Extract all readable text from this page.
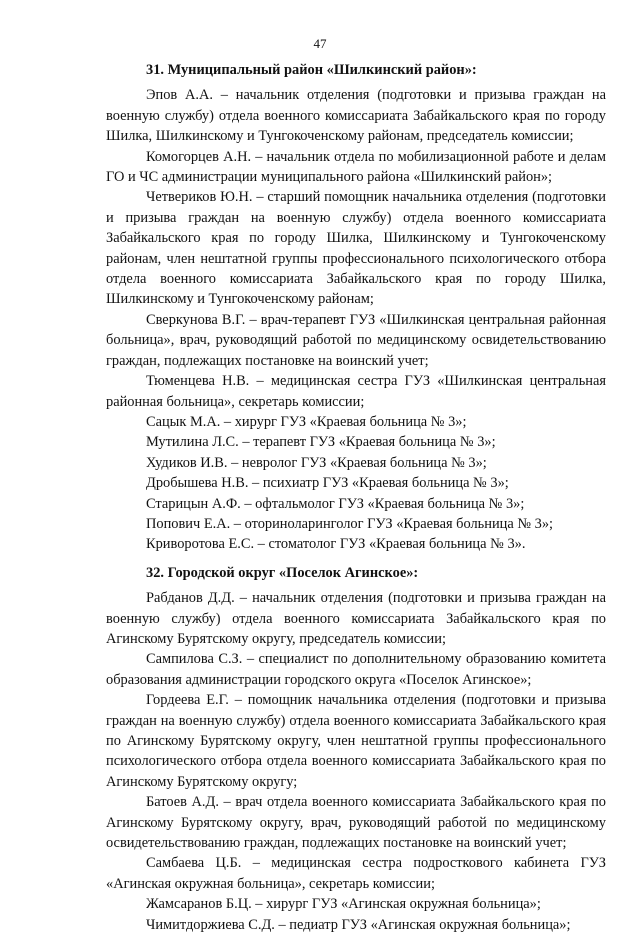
47

31. Муниципальный район «Шилкинский район»:

Эпов А.А. – начальник отделения (подготовки и призыва граждан на военную службу) отдела военного комиссариата Забайкальского края по городу Шилка, Шилкинскому и Тунгокоченскому районам, председатель комиссии;

Комогорцев А.Н. – начальник отдела по мобилизационной работе и делам ГО и ЧС администрации муниципального района «Шилкинский район»;

Четвериков Ю.Н. – старший помощник начальника отделения (подготовки и призыва граждан на военную службу) отдела военного комиссариата Забайкальского края по городу Шилка, Шилкинскому и Тунгокоченскому районам, член нештатной группы профессионального психологического отбора отдела военного комиссариата Забайкальского края по городу Шилка, Шилкинскому и Тунгокоченскому районам;

Сверкунова В.Г. – врач-терапевт ГУЗ «Шилкинская центральная районная больница», врач, руководящий работой по медицинскому освидетельствованию граждан, подлежащих постановке на воинский учет;

Тюменцева Н.В. – медицинская сестра ГУЗ «Шилкинская центральная районная больница», секретарь комиссии;

Сацык М.А. – хирург ГУЗ «Краевая больница № 3»;

Мутилина Л.С. – терапевт ГУЗ «Краевая больница № 3»;

Худиков И.В. – невролог ГУЗ «Краевая больница № 3»;

Дробышева Н.В. – психиатр ГУЗ «Краевая больница № 3»;

Старицын А.Ф. – офтальмолог ГУЗ «Краевая больница № 3»;

Попович Е.А. – оториноларинголог ГУЗ «Краевая больница № 3»;

Криворотова Е.С. – стоматолог ГУЗ «Краевая больница № 3».

32. Городской округ «Поселок Агинское»:

Рабданов Д.Д. – начальник отделения (подготовки и призыва граждан на военную службу) отдела военного комиссариата Забайкальского края по Агинскому Бурятскому округу, председатель комиссии;

Сампилова С.З. – специалист по дополнительному образованию комитета образования администрации городского округа «Поселок Агинское»;

Гордеева Е.Г. – помощник начальника отделения (подготовки и призыва граждан на военную службу) отдела военного комиссариата Забайкальского края по Агинскому Бурятскому округу, член нештатной группы профессионального психологического отбора отдела военного комиссариата Забайкальского края по Агинскому Бурятскому округу;

Батоев А.Д. – врач отдела военного комиссариата Забайкальского края по Агинскому Бурятскому округу, врач, руководящий работой по медицинскому освидетельствованию граждан, подлежащих постановке на воинский учет;

Самбаева Ц.Б. – медицинская сестра подросткового кабинета ГУЗ «Агинская окружная больница», секретарь комиссии;

Жамсаранов Б.Ц. – хирург ГУЗ «Агинская окружная больница»;

Чимитдоржиева С.Д. – педиатр ГУЗ «Агинская окружная больница»;
